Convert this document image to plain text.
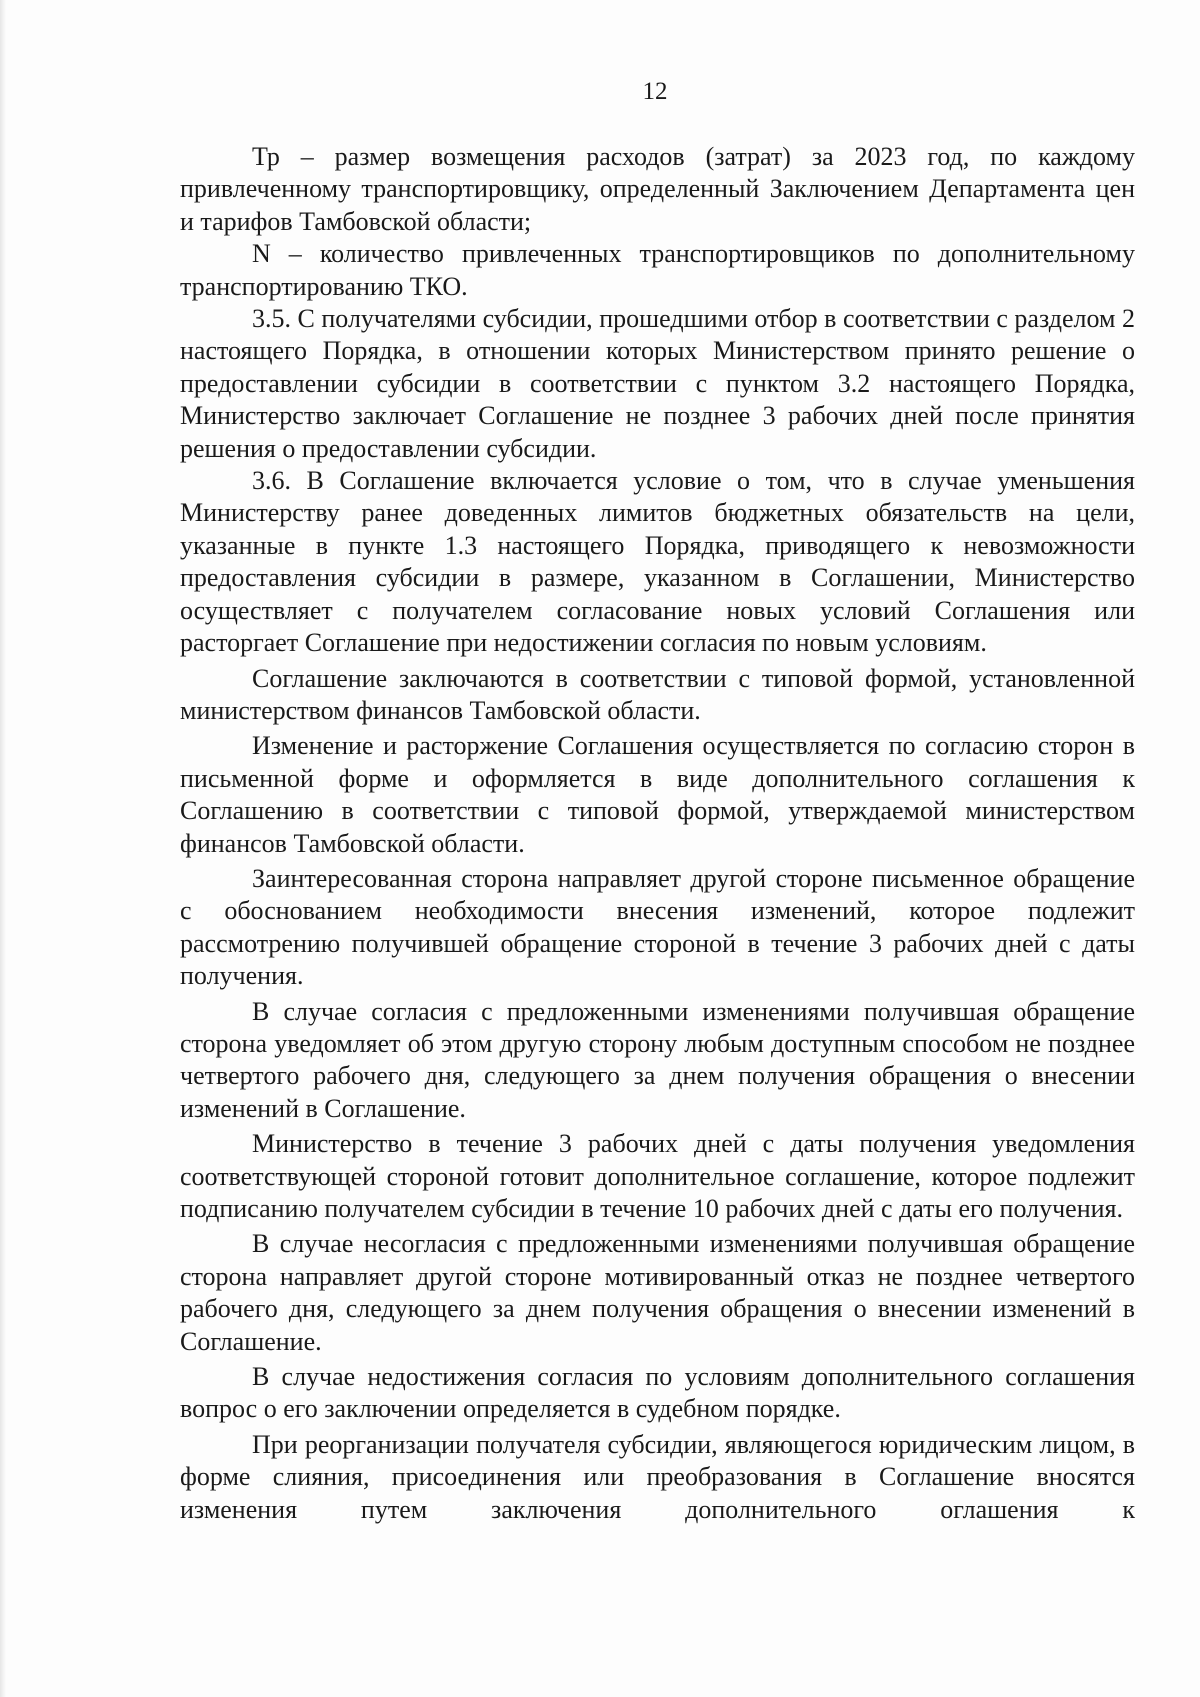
12

Тр – размер возмещения расходов (затрат) за 2023 год, по каждому привлеченному транспортировщику, определенный Заключением Департамента цен и тарифов Тамбовской области;

N – количество привлеченных транспортировщиков по дополнительному транспортированию ТКО.

3.5. С получателями субсидии, прошедшими отбор в соответствии с разделом 2 настоящего Порядка, в отношении которых Министерством принято решение о предоставлении субсидии в соответствии с пунктом 3.2 настоящего Порядка, Министерство заключает Соглашение не позднее 3 рабочих дней после принятия решения о предоставлении субсидии.

3.6. В Соглашение включается условие о том, что в случае уменьшения Министерству ранее доведенных лимитов бюджетных обязательств на цели, указанные в пункте 1.3 настоящего Порядка, приводящего к невозможности предоставления субсидии в размере, указанном в Соглашении, Министерство осуществляет с получателем согласование новых условий Соглашения или расторгает Соглашение при недостижении согласия по новым условиям.

Соглашение заключаются в соответствии с типовой формой, установленной министерством финансов Тамбовской области.

Изменение и расторжение Соглашения осуществляется по согласию сторон в письменной форме и оформляется в виде дополнительного соглашения к Соглашению в соответствии с типовой формой, утверждаемой министерством финансов Тамбовской области.

Заинтересованная сторона направляет другой стороне письменное обращение с обоснованием необходимости внесения изменений, которое подлежит рассмотрению получившей обращение стороной в течение 3 рабочих дней с даты получения.

В случае согласия с предложенными изменениями получившая обращение сторона уведомляет об этом другую сторону любым доступным способом не позднее четвертого рабочего дня, следующего за днем получения обращения о внесении изменений в Соглашение.

Министерство в течение 3 рабочих дней с даты получения уведомления соответствующей стороной готовит дополнительное соглашение, которое подлежит подписанию получателем субсидии в течение 10 рабочих дней с даты его получения.

В случае несогласия с предложенными изменениями получившая обращение сторона направляет другой стороне мотивированный отказ не позднее четвертого рабочего дня, следующего за днем получения обращения о внесении изменений в Соглашение.

В случае недостижения согласия по условиям дополнительного соглашения вопрос о его заключении определяется в судебном порядке.

При реорганизации получателя субсидии, являющегося юридическим лицом, в форме слияния, присоединения или преобразования в Соглашение вносятся изменения путем заключения дополнительного оглашения к
